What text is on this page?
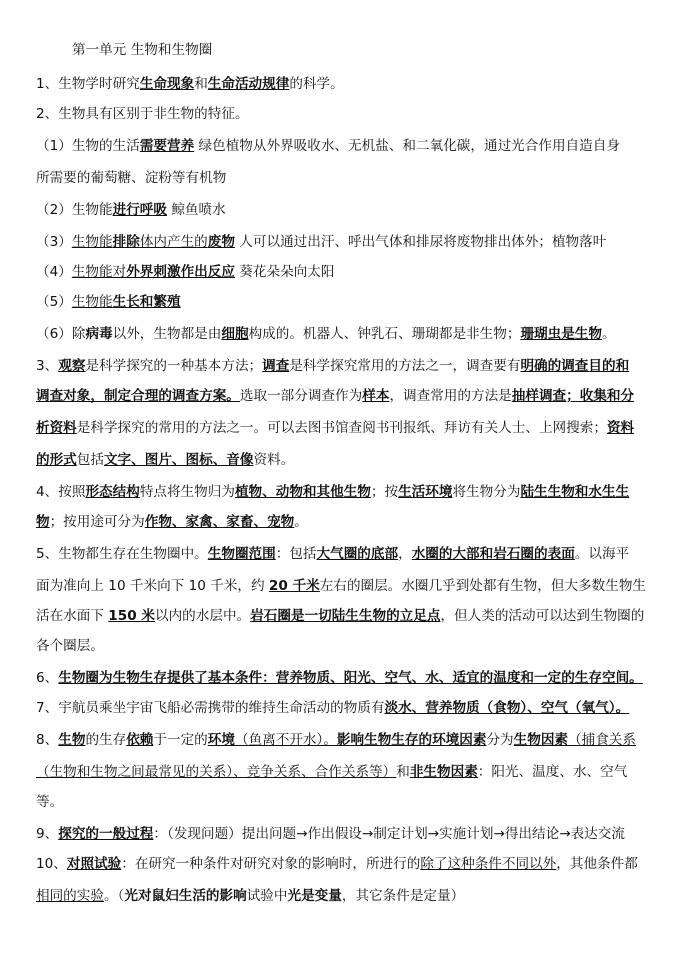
第一单元 生物和生物圈
1、生物学时研究生命现象和生命活动规律的科学。
2、生物具有区别于非生物的特征。
（1）生物的生活需要营养 绿色植物从外界吸收水、无机盐、和二氧化碳，通过光合作用自造自身
所需要的葡萄糖、淀粉等有机物
（2）生物能进行呼吸 鲸鱼喷水
（3）生物能排除体内产生的废物 人可以通过出汗、呼出气体和排尿将废物排出体外；植物落叶
（4）生物能对外界刺激作出反应 葵花朵朵向太阳
（5）生物能生长和繁殖
（6）除病毒以外，生物都是由细胞构成的。机器人、钟乳石、珊瑚都是非生物；珊瑚虫是生物。
3、观察是科学探究的一种基本方法；调查是科学探究常用的方法之一，调查要有明确的调查目的和
调查对象，制定合理的调查方案。选取一部分调查作为样本，调查常用的方法是抽样调查；收集和分
析资料是科学探究的常用的方法之一。可以去图书馆查阅书刊报纸、拜访有关人士、上网搜索；资料
的形式包括文字、图片、图标、音像资料。
4、按照形态结构特点将生物归为植物、动物和其他生物；按生活环境将生物分为陆生生物和水生生
物；按用途可分为作物、家禽、家畜、宠物。
5、生物都生存在生物圈中。生物圈范围：包括大气圈的底部，水圈的大部和岩石圈的表面。以海平
面为准向上 10 千米向下 10 千米，约 20 千米左右的圈层。水圈几乎到处都有生物，但大多数生物生
活在水面下 150 米以内的水层中。岩石圈是一切陆生生物的立足点，但人类的活动可以达到生物圈的
各个圈层。
6、生物圈为生物生存提供了基本条件：营养物质、阳光、空气、水、适宜的温度和一定的生存空间。
7、宇航员乘坐宇宙飞船必需携带的维持生命活动的物质有淡水、营养物质（食物）、空气（氧气）。
8、生物的生存依赖于一定的环境（鱼离不开水）。影响生物生存的环境因素分为生物因素（捕食关系
（生物和生物之间最常见的关系）、竞争关系、合作关系等）和非生物因素：阳光、温度、水、空气
等。
9、探究的一般过程：（发现问题）提出问题→作出假设→制定计划→实施计划→得出结论→表达交流
10、对照试验：在研究一种条件对研究对象的影响时，所进行的除了这种条件不同以外，其他条件都
相同的实验。（光对鼠妇生活的影响试验中光是变量，其它条件是定量）
